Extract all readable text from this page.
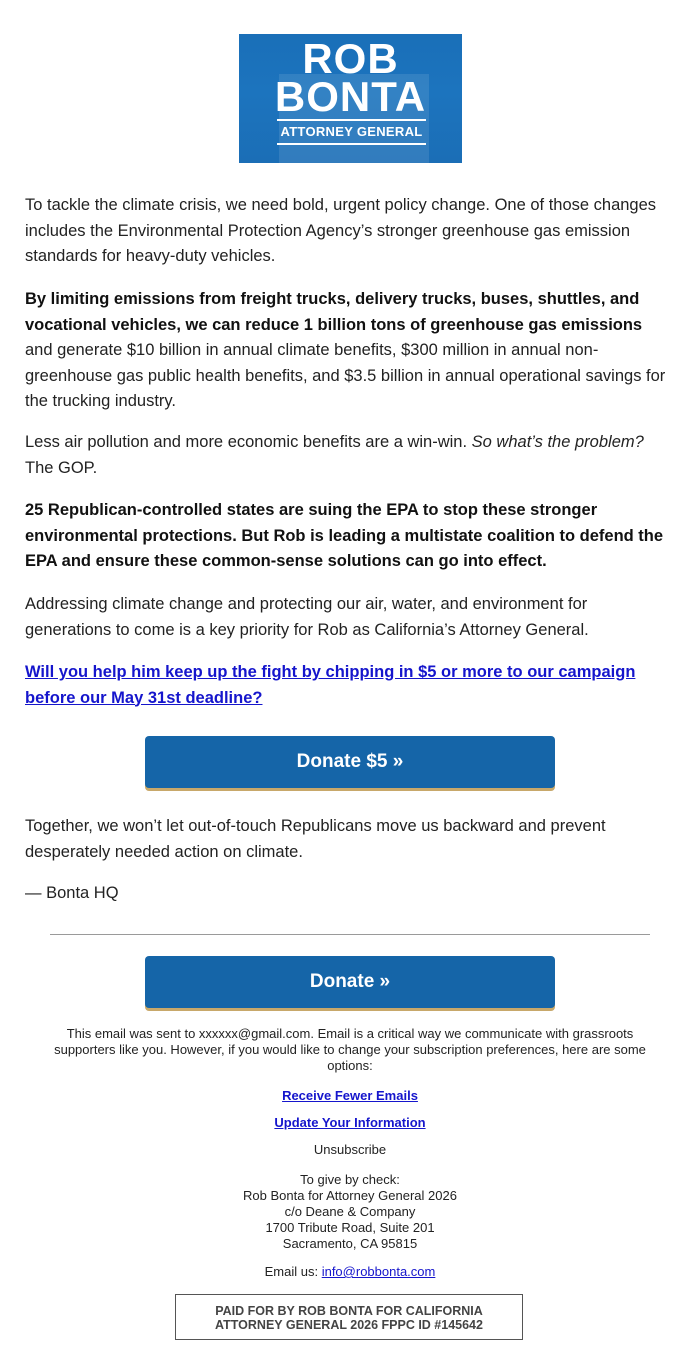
ROB
BONTA
ATTORNEY GENERAL

To tackle the climate crisis, we need bold, urgent policy change. One of those changes includes the Environmental Protection Agency’s stronger greenhouse gas emission standards for heavy-duty vehicles.

By limiting emissions from freight trucks, delivery trucks, buses, shuttles, and vocational vehicles, we can reduce 1 billion tons of greenhouse gas emissions and generate $10 billion in annual climate benefits, $300 million in annual non-greenhouse gas public health benefits, and $3.5 billion in annual operational savings for the trucking industry.

Less air pollution and more economic benefits are a win-win. So what’s the problem? The GOP.

25 Republican-controlled states are suing the EPA to stop these stronger environmental protections. But Rob is leading a multistate coalition to defend the EPA and ensure these common-sense solutions can go into effect.

Addressing climate change and protecting our air, water, and environment for generations to come is a key priority for Rob as California’s Attorney General.

Will you help him keep up the fight by chipping in $5 or more to our campaign before our May 31st deadline?

Donate $5 »

Together, we won’t let out-of-touch Republicans move us backward and prevent desperately needed action on climate.

— Bonta HQ

Donate »

This email was sent to xxxxxx@gmail.com. Email is a critical way we communicate with grassroots supporters like you. However, if you would like to change your subscription preferences, here are some options:

Receive Fewer Emails

Update Your Information

Unsubscribe

To give by check:
Rob Bonta for Attorney General 2026
c/o Deane & Company
1700 Tribute Road, Suite 201
Sacramento, CA 95815

Email us: info@robbonta.com

PAID FOR BY ROB BONTA FOR CALIFORNIA
ATTORNEY GENERAL 2026 FPPC ID #145642
